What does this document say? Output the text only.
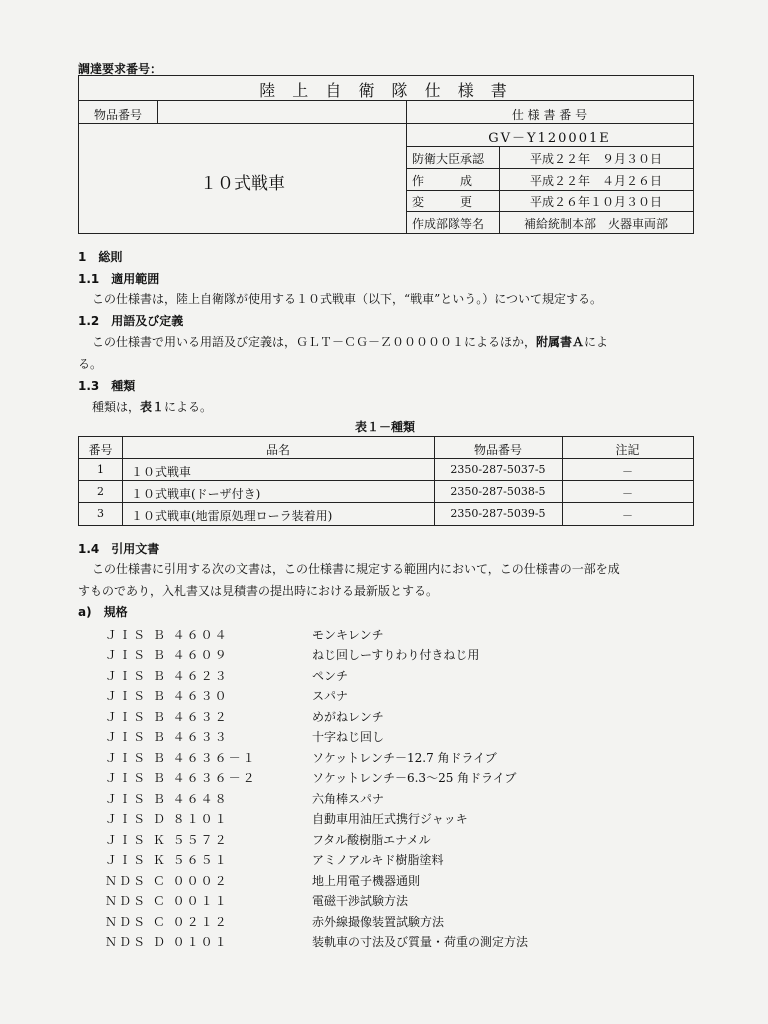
調達要求番号：
陸 上 自 衛 隊 仕 様 書
物品番号	仕 様 書 番 号
GV－Y120001E
１０式戦車
防衛大臣承認	平成２２年　９月３０日
作　　　成	平成２２年　４月２６日
変　　　更	平成２６年１０月３０日
作成部隊等名	補給統制本部　火器車両部
1　総則
1.1　適用範囲
この仕様書は，陸上自衛隊が使用する１０式戦車（以下，“戦車”という。）について規定する。
1.2　用語及び定義
この仕様書で用いる用語及び定義は，ＧＬＴ－ＣＧ－Ｚ０００００１によるほか，附属書Ａによ
る。
1.3　種類
種類は，表１による。
表１－種類
番号	品名	物品番号	注記
1	１０式戦車	2350-287-5037-5	－
2	１０式戦車(ドーザ付き)	2350-287-5038-5	－
3	１０式戦車(地雷原処理ローラ装着用)	2350-287-5039-5	－
1.4　引用文書
この仕様書に引用する次の文書は，この仕様書に規定する範囲内において，この仕様書の一部を成
すものであり，入札書又は見積書の提出時における最新版とする。
a)　規格
ＪＩＳ Ｂ ４６０４	モンキレンチ
ＪＩＳ Ｂ ４６０９	ねじ回しーすりわり付きねじ用
ＪＩＳ Ｂ ４６２３	ペンチ
ＪＩＳ Ｂ ４６３０	スパナ
ＪＩＳ Ｂ ４６３２	めがねレンチ
ＪＩＳ Ｂ ４６３３	十字ねじ回し
ＪＩＳ Ｂ ４６３６－１	ソケットレンチ－12.7 角ドライブ
ＪＩＳ Ｂ ４６３６－２	ソケットレンチ－6.3～25 角ドライブ
ＪＩＳ Ｂ ４６４８	六角棒スパナ
ＪＩＳ Ｄ ８１０１	自動車用油圧式携行ジャッキ
ＪＩＳ Ｋ ５５７２	フタル酸樹脂エナメル
ＪＩＳ Ｋ ５６５１	アミノアルキド樹脂塗料
ＮＤＳ Ｃ ０００２	地上用電子機器通則
ＮＤＳ Ｃ ００１１	電磁干渉試験方法
ＮＤＳ Ｃ ０２１２	赤外線撮像装置試験方法
ＮＤＳ Ｄ ０１０１	装軌車の寸法及び質量・荷重の測定方法
